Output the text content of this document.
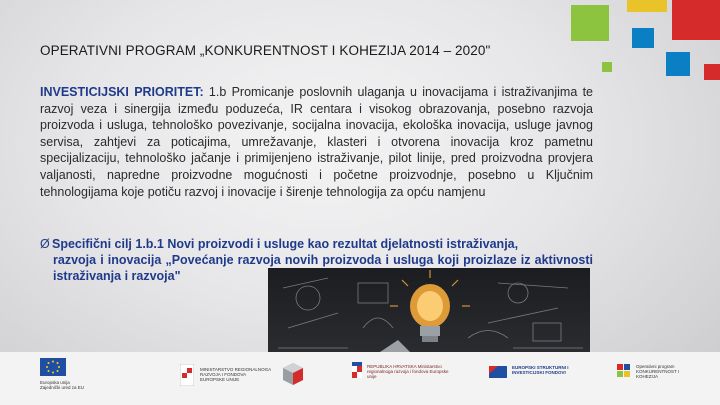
OPERATIVNI PROGRAM „KONKURENTNOST I KOHEZIJA 2014 – 2020"
INVESTICIJSKI PRIORITET: 1.b Promicanje poslovnih ulaganja u inovacijama i istraživanjima te razvoj veza i sinergija između poduzeća, IR centara i visokog obrazovanja, posebno razvoja proizvoda i usluga, tehnološko povezivanje, socijalna inovacija, ekološka inovacija, usluge javnog servisa, zahtjevi za poticajima, umrežavanje, klasteri i otvorena inovacija kroz pametnu specijalizaciju, tehnološko jačanje i primijenjeno istraživanje, pilot linije, pred proizvodna provjera valjanosti, napredne proizvodne mogućnosti i početne proizvodnje, posebno u Ključnim tehnologijama koje potiču razvoj i inovacije i širenje tehnologija za opću namjenu
Ø Specifični cilj 1.b.1 Novi proizvodi i usluge kao rezultat djelatnosti istraživanja,
razvoja i inovacija „Povećanje razvoja novih proizvoda i usluga koji proizlaze iz aktivnosti istraživanja i razvoja"
Europska unija Zajednički ured za EU
MINISTARSTVO REGIONALNOGA RAZVOJA I FONDOVA EUROPSKE UNIJE
REPUBLIKA HRVATSKA Ministarstvo regionalnoga razvoja i fondova Europske unije
EUROPSKI STRUKTURNI I INVESTICIJSKI FONDOVI
Operativni program KONKURENTNOST I KOHEZIJA
